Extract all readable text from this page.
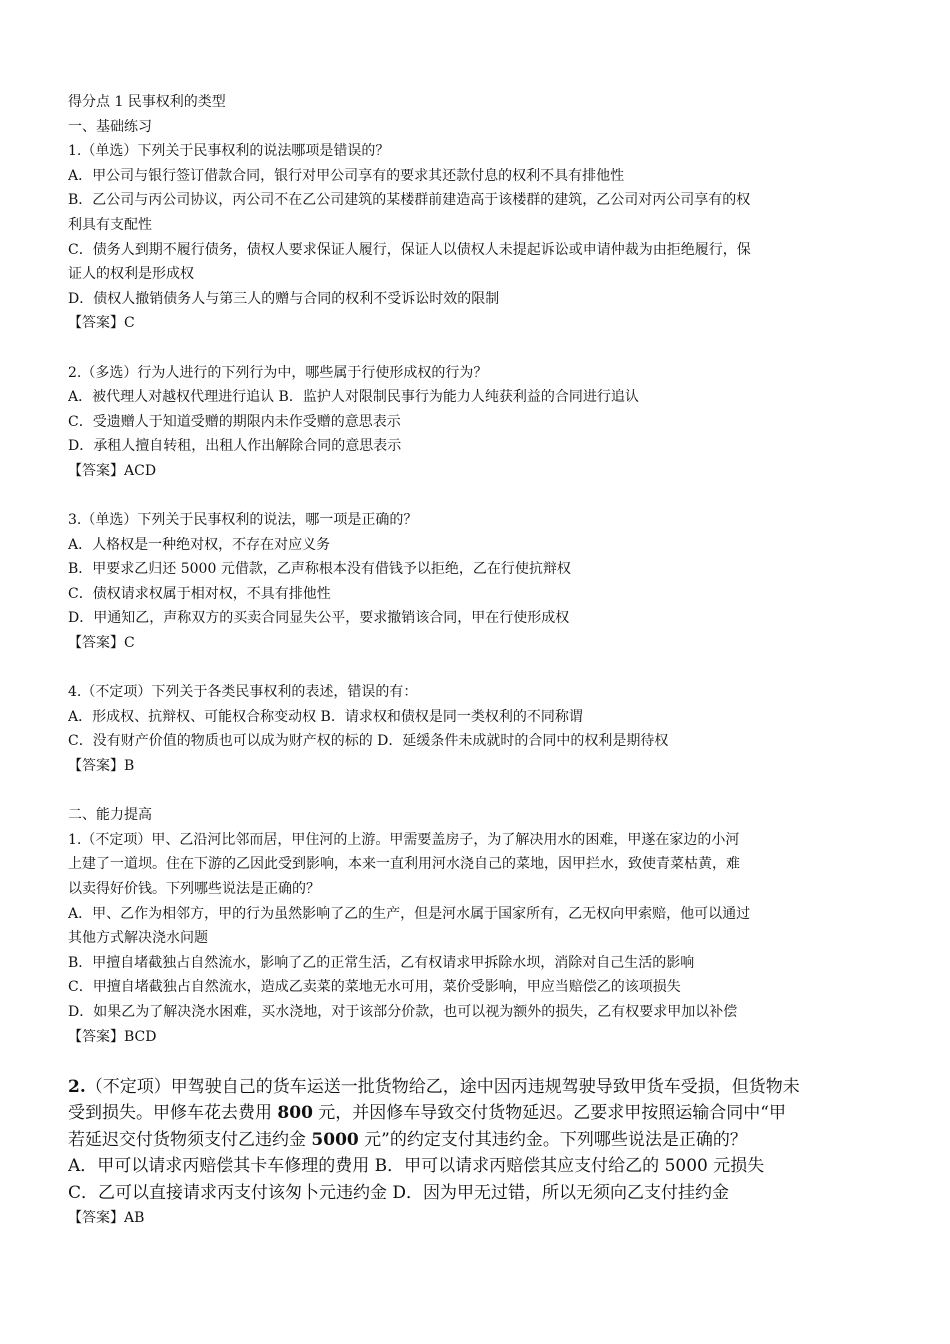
得分点 1 民事权利的类型
一、基础练习
1.（单选）下列关于民事权利的说法哪项是错误的？
A．甲公司与银行签订借款合同，银行对甲公司享有的要求其还款付息的权利不具有排他性
B．乙公司与丙公司协议，丙公司不在乙公司建筑的某楼群前建造高于该楼群的建筑，乙公司对丙公司享有的权
利具有支配性
C．债务人到期不履行债务，债权人要求保证人履行，保证人以债权人未提起诉讼或申请仲裁为由拒绝履行，保
证人的权利是形成权
D．债权人撤销债务人与第三人的赠与合同的权利不受诉讼时效的限制
【答案】C
2.（多选）行为人进行的下列行为中，哪些属于行使形成权的行为？
A．被代理人对越权代理进行追认 B．监护人对限制民事行为能力人纯获利益的合同进行追认
C．受遗赠人于知道受赠的期限内未作受赠的意思表示
D．承租人擅自转租，出租人作出解除合同的意思表示
【答案】ACD
3.（单选）下列关于民事权利的说法，哪一项是正确的？
A．人格权是一种绝对权，不存在对应义务
B．甲要求乙归还 5000 元借款，乙声称根本没有借钱予以拒绝，乙在行使抗辩权
C．债权请求权属于相对权，不具有排他性
D．甲通知乙，声称双方的买卖合同显失公平，要求撤销该合同，甲在行使形成权
【答案】C
4.（不定项）下列关于各类民事权利的表述，错误的有：
A．形成权、抗辩权、可能权合称变动权 B．请求权和债权是同一类权利的不同称谓
C．没有财产价值的物质也可以成为财产权的标的 D．延缓条件未成就时的合同中的权利是期待权
【答案】B
二、能力提高
1.（不定项）甲、乙沿河比邻而居，甲住河的上游。甲需要盖房子，为了解决用水的困难，甲遂在家边的小河
上建了一道坝。住在下游的乙因此受到影响，本来一直利用河水浇自己的菜地，因甲拦水，致使青菜枯黄，难
以卖得好价钱。下列哪些说法是正确的？
A．甲、乙作为相邻方，甲的行为虽然影响了乙的生产，但是河水属于国家所有，乙无权向甲索赔，他可以通过
其他方式解决浇水问题
B．甲擅自堵截独占自然流水，影响了乙的正常生活，乙有权请求甲拆除水坝，消除对自己生活的影响
C．甲擅自堵截独占自然流水，造成乙卖菜的菜地无水可用，菜价受影响，甲应当赔偿乙的该项损失
D．如果乙为了解决浇水困难，买水浇地，对于该部分价款，也可以视为额外的损失，乙有权要求甲加以补偿
【答案】BCD
2.（不定项）甲驾驶自己的货车运送一批货物给乙，途中因丙违规驾驶导致甲货车受损，但货物未
受到损失。甲修车花去费用 800 元，并因修车导致交付货物延迟。乙要求甲按照运输合同中“甲
若延迟交付货物须支付乙违约金 5000 元”的约定支付其违约金。下列哪些说法是正确的？
A．甲可以请求丙赔偿其卡车修理的费用 B．甲可以请求丙赔偿其应支付给乙的 5000 元损失
C．乙可以直接请求丙支付该匆卜元违约金 D．因为甲无过错，所以无须向乙支付挂约金
【答案】AB
